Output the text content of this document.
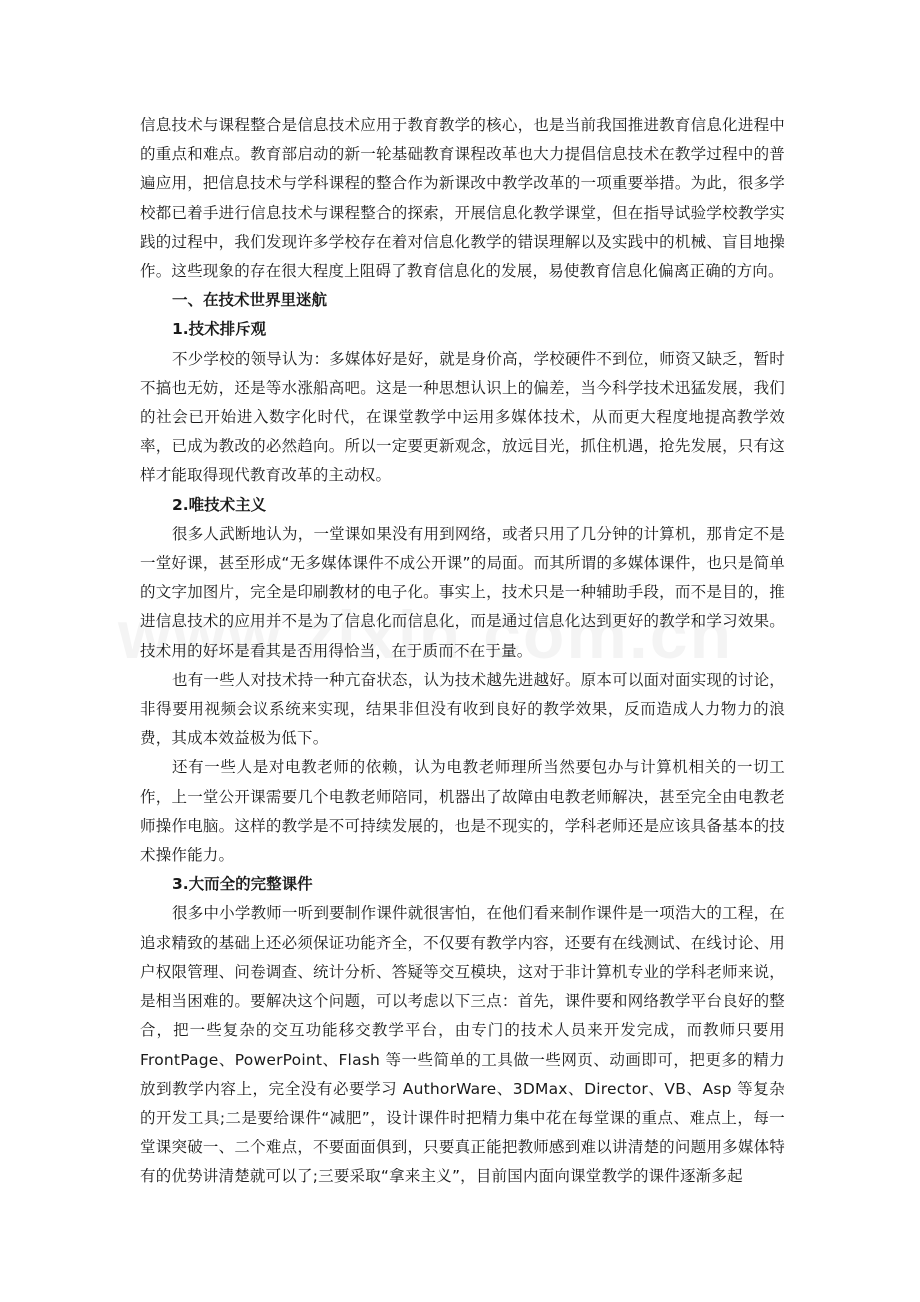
信息技术与课程整合是信息技术应用于教育教学的核心，也是当前我国推进教育信息化进程中的重点和难点。教育部启动的新一轮基础教育课程改革也大力提倡信息技术在教学过程中的普遍应用，把信息技术与学科课程的整合作为新课改中教学改革的一项重要举措。为此，很多学校都已着手进行信息技术与课程整合的探索，开展信息化教学课堂，但在指导试验学校教学实践的过程中，我们发现许多学校存在着对信息化教学的错误理解以及实践中的机械、盲目地操作。这些现象的存在很大程度上阻碍了教育信息化的发展，易使教育信息化偏离正确的方向。

一、在技术世界里迷航

1.技术排斥观

不少学校的领导认为：多媒体好是好，就是身价高，学校硬件不到位，师资又缺乏，暂时不搞也无妨，还是等水涨船高吧。这是一种思想认识上的偏差，当今科学技术迅猛发展，我们的社会已开始进入数字化时代，在课堂教学中运用多媒体技术，从而更大程度地提高教学效率，已成为教改的必然趋向。所以一定要更新观念，放远目光，抓住机遇，抢先发展，只有这样才能取得现代教育改革的主动权。

2.唯技术主义

很多人武断地认为，一堂课如果没有用到网络，或者只用了几分钟的计算机，那肯定不是一堂好课，甚至形成“无多媒体课件不成公开课”的局面。而其所谓的多媒体课件，也只是简单的文字加图片，完全是印刷教材的电子化。事实上，技术只是一种辅助手段，而不是目的，推进信息技术的应用并不是为了信息化而信息化，而是通过信息化达到更好的教学和学习效果。技术用的好坏是看其是否用得恰当，在于质而不在于量。

也有一些人对技术持一种亢奋状态，认为技术越先进越好。原本可以面对面实现的讨论，非得要用视频会议系统来实现，结果非但没有收到良好的教学效果，反而造成人力物力的浪费，其成本效益极为低下。

还有一些人是对电教老师的依赖，认为电教老师理所当然要包办与计算机相关的一切工作，上一堂公开课需要几个电教老师陪同，机器出了故障由电教老师解决，甚至完全由电教老师操作电脑。这样的教学是不可持续发展的，也是不现实的，学科老师还是应该具备基本的技术操作能力。

3.大而全的完整课件

很多中小学教师一听到要制作课件就很害怕，在他们看来制作课件是一项浩大的工程，在追求精致的基础上还必须保证功能齐全，不仅要有教学内容，还要有在线测试、在线讨论、用户权限管理、问卷调查、统计分析、答疑等交互模块，这对于非计算机专业的学科老师来说，是相当困难的。要解决这个问题，可以考虑以下三点：首先，课件要和网络教学平台良好的整合，把一些复杂的交互功能移交教学平台，由专门的技术人员来开发完成，而教师只要用 FrontPage、PowerPoint、Flash 等一些简单的工具做一些网页、动画即可，把更多的精力放到教学内容上，完全没有必要学习 AuthorWare、3DMax、Director、VB、Asp 等复杂的开发工具;二是要给课件“减肥”，设计课件时把精力集中花在每堂课的重点、难点上，每一堂课突破一、二个难点，不要面面俱到，只要真正能把教师感到难以讲清楚的问题用多媒体特有的优势讲清楚就可以了;三要采取“拿来主义”，目前国内面向课堂教学的课件逐渐多起
